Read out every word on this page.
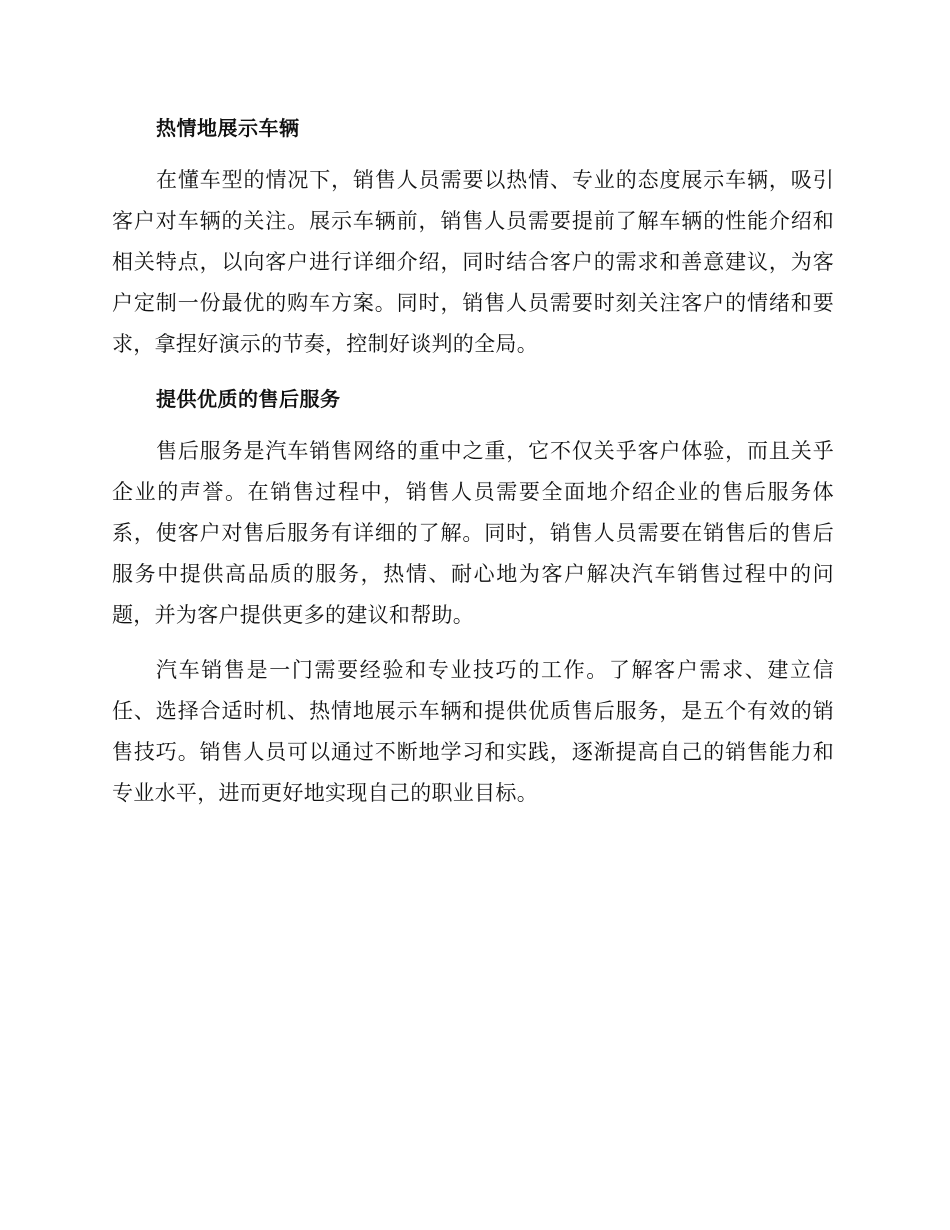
热情地展示车辆

在懂车型的情况下，销售人员需要以热情、专业的态度展示车辆，吸引客户对车辆的关注。展示车辆前，销售人员需要提前了解车辆的性能介绍和相关特点，以向客户进行详细介绍，同时结合客户的需求和善意建议，为客户定制一份最优的购车方案。同时，销售人员需要时刻关注客户的情绪和要求，拿捏好演示的节奏，控制好谈判的全局。

提供优质的售后服务

售后服务是汽车销售网络的重中之重，它不仅关乎客户体验，而且关乎企业的声誉。在销售过程中，销售人员需要全面地介绍企业的售后服务体系，使客户对售后服务有详细的了解。同时，销售人员需要在销售后的售后服务中提供高品质的服务，热情、耐心地为客户解决汽车销售过程中的问题，并为客户提供更多的建议和帮助。

汽车销售是一门需要经验和专业技巧的工作。了解客户需求、建立信任、选择合适时机、热情地展示车辆和提供优质售后服务，是五个有效的销售技巧。销售人员可以通过不断地学习和实践，逐渐提高自己的销售能力和专业水平，进而更好地实现自己的职业目标。
